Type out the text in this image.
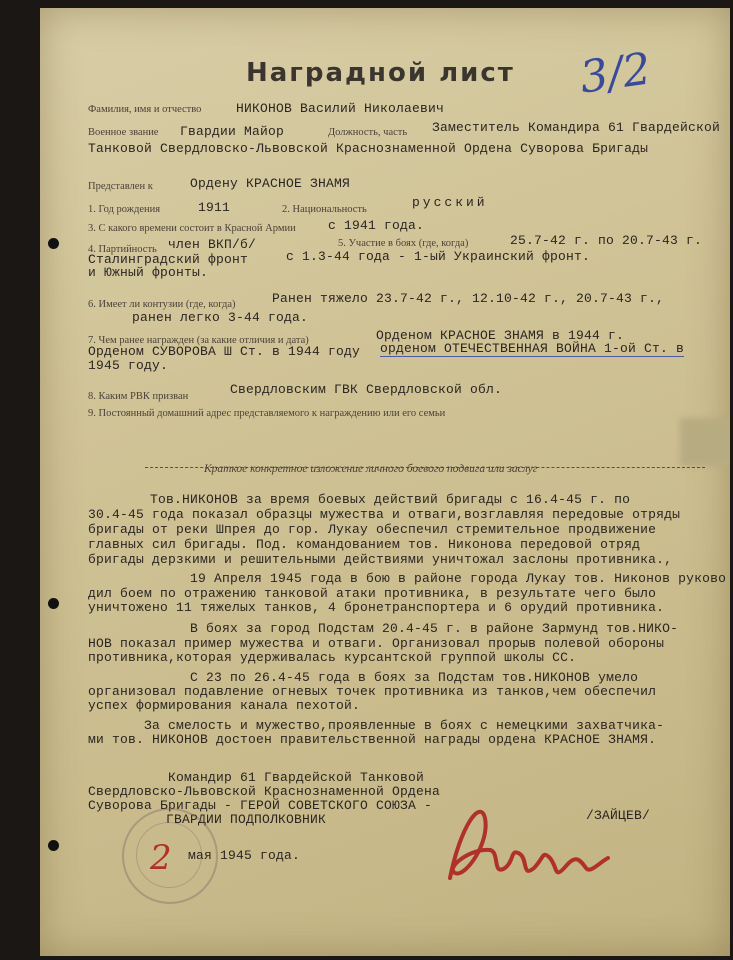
Наградной лист 3/2
Фамилия, имя и отчество	НИКОНОВ Василий Николаевич
Военное звание Гвардии Майор	Должность, часть Заместитель Командира 61 Гвардейской
Танковой Свердловско-Львовской Краснознаменной Ордена Суворова Бригады
Представлен к	Ордену КРАСНОЕ ЗНАМЯ
1. Год рождения	1911	2. Национальность	русский
3. С какого времени состоит в Красной Армии с 1941 года.
4. Партийность член ВКП/б/	5. Участие в боях (где, когда)	25.7-42 г. по 20.7-43 г.
Сталинградский фронт	с 1.3-44 года - 1-ый Украинский фронт.
и Южный фронты.
6. Имеет ли контузии (где, когда)	Ранен тяжело 23.7-42 г., 12.10-42 г., 20.7-43 г.,
ранен легко 3-44 года.
7. Чем ранее награжден (за какие отличия и дата)	Орденом КРАСНОЕ ЗНАМЯ в 1944 г.
Орденом СУВОРОВА Ш Ст. в 1944 году орденом ОТЕЧЕСТВЕННАЯ ВОЙНА 1-ой Ст. в
1945 году.
8. Каким РВК призван	Свердловским ГВК Свердловской обл.
9. Постоянный домашний адрес представляемого к награждению или его семьи
Краткое конкретное изложение личного боевого подвига или заслуг
Тов.НИКОНОВ за время боевых действий бригады с 16.4-45 г. по
30.4-45 года показал образцы мужества и отваги,возглавляя передовые отряды
бригады от реки Шпрея до гор. Лукау обеспечил стремительное продвижение
главных сил бригады. Под. командованием тов. Никонова передовой отряд
бригады дерзкими и решительными действиями уничтожал заслоны противника.,
19 Апреля 1945 года в бою в районе города Лукау тов. Никонов руково
дил боем по отражению танковой атаки противника, в результате чего было
уничтожено 11 тяжелых танков, 4 бронетранспортера и 6 орудий противника.
В боях за город Подстам 20.4-45 г. в районе Зармунд тов.НИКО-
НОВ показал пример мужества и отваги. Организовал прорыв полевой обороны
противника,которая удерживалась курсантской группой школы СС.
С 23 по 26.4-45 года в боях за Подстам тов.НИКОНОВ умело
организовал подавление огневых точек противника из танков,чем обеспечил
успех формирования канала пехотой.
За смелость и мужество,проявленные в боях с немецкими захватчика-
ми тов. НИКОНОВ достоен правительственной награды ордена КРАСНОЕ ЗНАМЯ.
Командир 61 Гвардейской Танковой
Свердловско-Львовской Краснознаменной Ордена
Суворова Бригады - ГЕРОЙ СОВЕТСКОГО СОЮЗА -
ГВАРДИИ ПОДПОЛКОВНИК	/ЗАЙЦЕВ/
2 мая 1945 года.
